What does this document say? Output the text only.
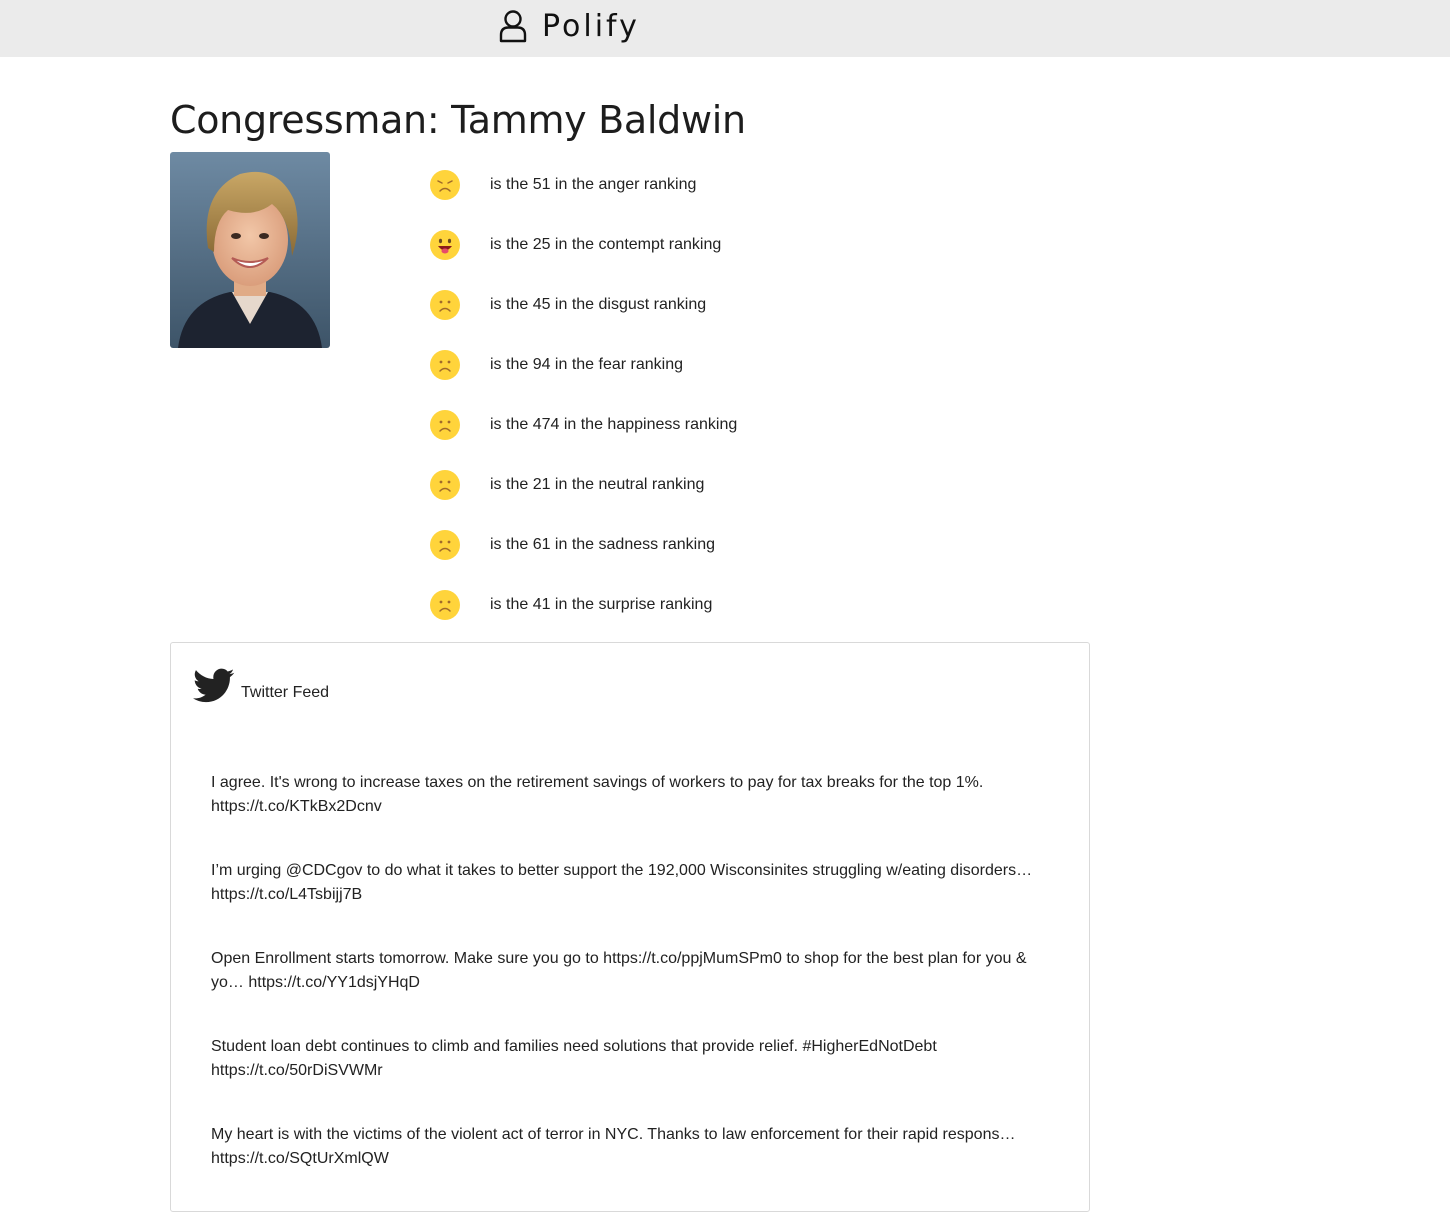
Polify
Congressman: Tammy Baldwin
is the 51 in the anger ranking
is the 25 in the contempt ranking
is the 45 in the disgust ranking
is the 94 in the fear ranking
is the 474 in the happiness ranking
is the 21 in the neutral ranking
is the 61 in the sadness ranking
is the 41 in the surprise ranking
Twitter Feed

I agree. It's wrong to increase taxes on the retirement savings of workers to pay for tax breaks for the top 1%. https://t.co/KTkBx2Dcnv

I’m urging @CDCgov to do what it takes to better support the 192,000 Wisconsinites struggling w/eating disorders… https://t.co/L4Tsbijj7B

Open Enrollment starts tomorrow. Make sure you go to https://t.co/ppjMumSPm0 to shop for the best plan for you & yo… https://t.co/YY1dsjYHqD

Student loan debt continues to climb and families need solutions that provide relief. #HigherEdNotDebt https://t.co/50rDiSVWMr

My heart is with the victims of the violent act of terror in NYC. Thanks to law enforcement for their rapid respons… https://t.co/SQtUrXmlQW
